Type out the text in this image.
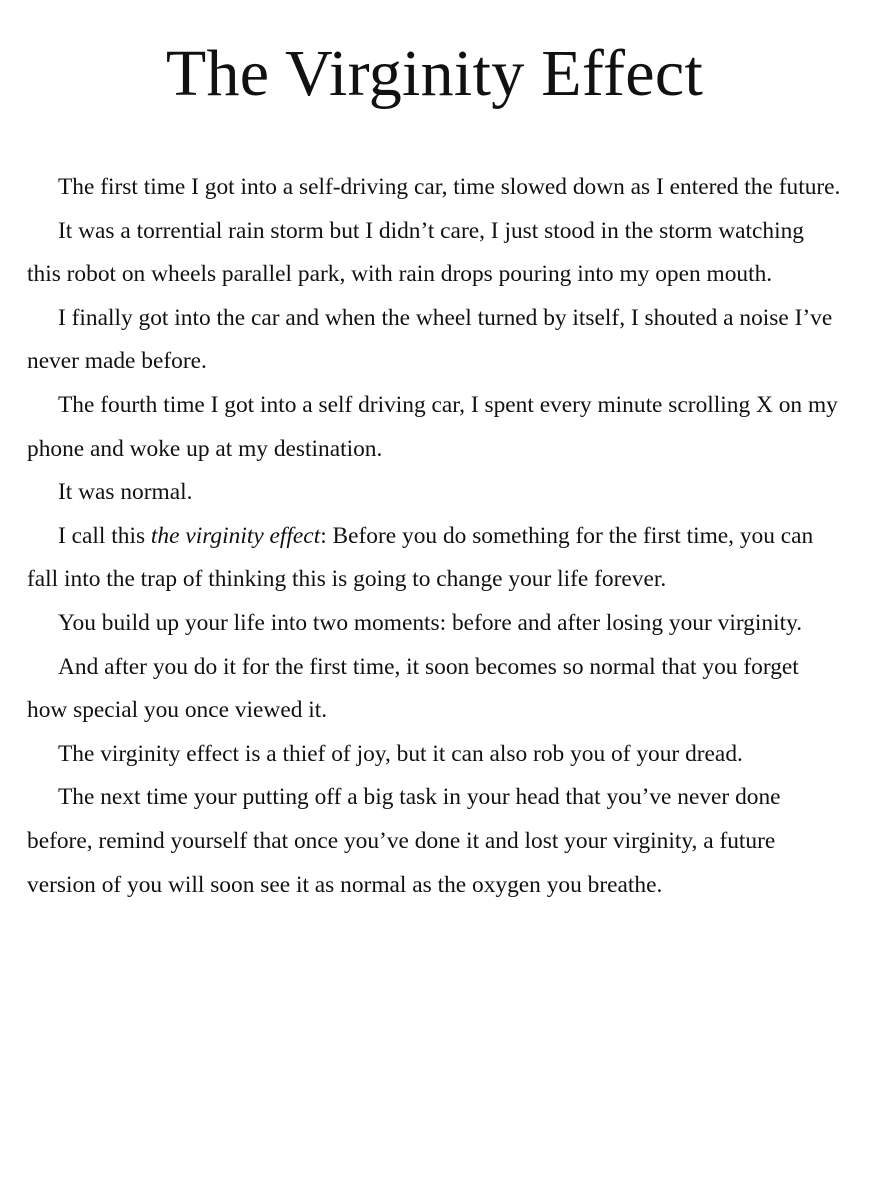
The Virginity Effect

The first time I got into a self-driving car, time slowed down as I entered the future.

It was a torrential rain storm but I didn’t care, I just stood in the storm watching this robot on wheels parallel park, with rain drops pouring into my open mouth.

I finally got into the car and when the wheel turned by itself, I shouted a noise I’ve never made before.

The fourth time I got into a self driving car, I spent every minute scrolling X on my phone and woke up at my destination.

It was normal.

I call this the virginity effect: Before you do something for the first time, you can fall into the trap of thinking this is going to change your life forever.

You build up your life into two moments: before and after losing your virginity.

And after you do it for the first time, it soon becomes so normal that you forget how special you once viewed it.

The virginity effect is a thief of joy, but it can also rob you of your dread.

The next time your putting off a big task in your head that you’ve never done before, remind yourself that once you’ve done it and lost your virginity, a future version of you will soon see it as normal as the oxygen you breathe.
